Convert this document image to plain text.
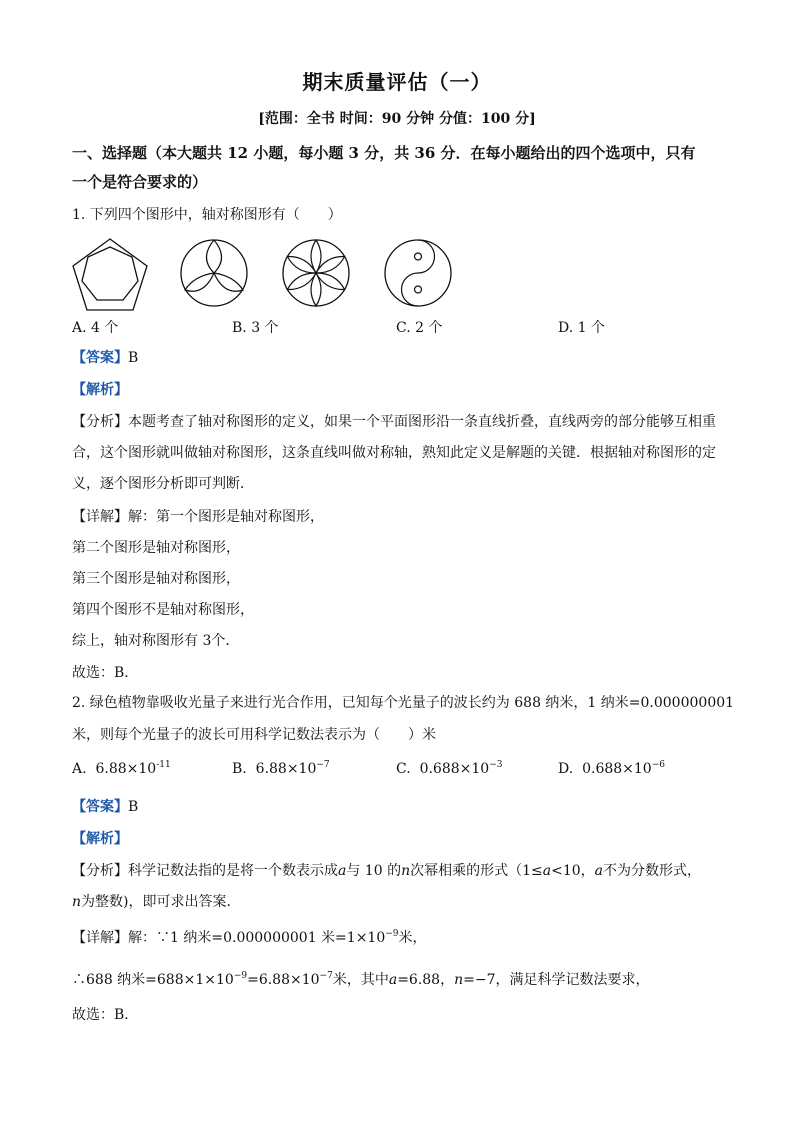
期末质量评估（一）
[范围：全书 时间：90 分钟 分值：100 分]
一、选择题（本大题共 12 小题，每小题 3 分，共 36 分．在每小题给出的四个选项中，只有
一个是符合要求的）
1. 下列四个图形中，轴对称图形有（　　）
A. 4 个	B. 3 个	C. 2 个	D. 1 个
【答案】B
【解析】
【分析】本题考查了轴对称图形的定义，如果一个平面图形沿一条直线折叠，直线两旁的部分能够互相重
合，这个图形就叫做轴对称图形，这条直线叫做对称轴，熟知此定义是解题的关键．根据轴对称图形的定
义，逐个图形分析即可判断．
【详解】解：第一个图形是轴对称图形，
第二个图形是轴对称图形，
第三个图形是轴对称图形，
第四个图形不是轴对称图形，
综上，轴对称图形有 3个．
故选：B．
2. 绿色植物靠吸收光量子来进行光合作用，已知每个光量子的波长约为 688 纳米，1 纳米=0.000000001
米，则每个光量子的波长可用科学记数法表示为（　　）米
A. $6.88\times 10^{-11}$	B. $6.88\times 10^{-7}$	C. $0.688\times 10^{-3}$	D. $0.688\times 10^{-6}$
【答案】B
【解析】
【分析】科学记数法指的是将一个数表示成a与 10 的n次幂相乘的形式（1≤a<10，a不为分数形式，
n为整数)，即可求出答案．
【详解】解：∵1 纳米=0.000000001 米$=1\times 10^{-9}$米，
∴688 纳米$=688\times 1\times 10^{-9}=6.88\times 10^{-7}$米，其中a=6.88，n=−7，满足科学记数法要求，
故选：B．
